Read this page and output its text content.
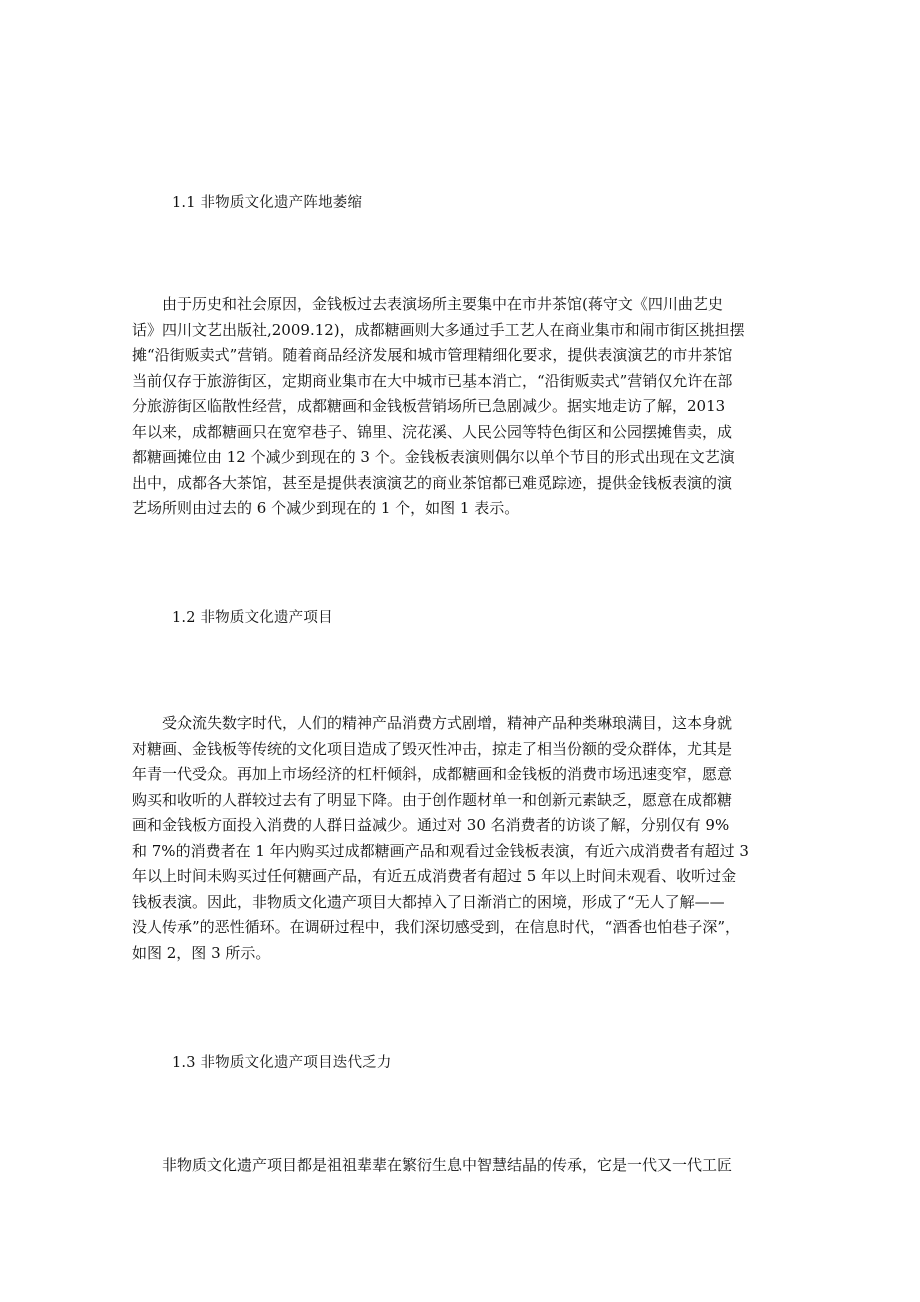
1.1 非物质文化遗产阵地萎缩
　　由于历史和社会原因，金钱板过去表演场所主要集中在市井茶馆(蒋守文《四川曲艺史
话》四川文艺出版社,2009.12)，成都糖画则大多通过手工艺人在商业集市和闹市街区挑担摆
摊“沿街贩卖式”营销。随着商品经济发展和城市管理精细化要求，提供表演演艺的市井茶馆
当前仅存于旅游街区，定期商业集市在大中城市已基本消亡，“沿街贩卖式”营销仅允许在部
分旅游街区临散性经营，成都糖画和金钱板营销场所已急剧减少。据实地走访了解，2013
年以来，成都糖画只在宽窄巷子、锦里、浣花溪、人民公园等特色街区和公园摆摊售卖，成
都糖画摊位由 12 个减少到现在的 3 个。金钱板表演则偶尔以单个节目的形式出现在文艺演
出中，成都各大茶馆，甚至是提供表演演艺的商业茶馆都已难觅踪迹，提供金钱板表演的演
艺场所则由过去的 6 个减少到现在的 1 个，如图 1 表示。
1.2 非物质文化遗产项目
　　受众流失数字时代，人们的精神产品消费方式剧增，精神产品种类琳琅满目，这本身就
对糖画、金钱板等传统的文化项目造成了毁灭性冲击，掠走了相当份额的受众群体，尤其是
年青一代受众。再加上市场经济的杠杆倾斜，成都糖画和金钱板的消费市场迅速变窄，愿意
购买和收听的人群较过去有了明显下降。由于创作题材单一和创新元素缺乏，愿意在成都糖
画和金钱板方面投入消费的人群日益减少。通过对 30 名消费者的访谈了解，分别仅有 9%
和 7%的消费者在 1 年内购买过成都糖画产品和观看过金钱板表演，有近六成消费者有超过 3
年以上时间未购买过任何糖画产品，有近五成消费者有超过 5 年以上时间未观看、收听过金
钱板表演。因此，非物质文化遗产项目大都掉入了日渐消亡的困境，形成了“无人了解——
没人传承”的恶性循环。在调研过程中，我们深切感受到，在信息时代，“酒香也怕巷子深”，
如图 2，图 3 所示。
1.3 非物质文化遗产项目迭代乏力
　　非物质文化遗产项目都是祖祖辈辈在繁衍生息中智慧结晶的传承，它是一代又一代工匠
